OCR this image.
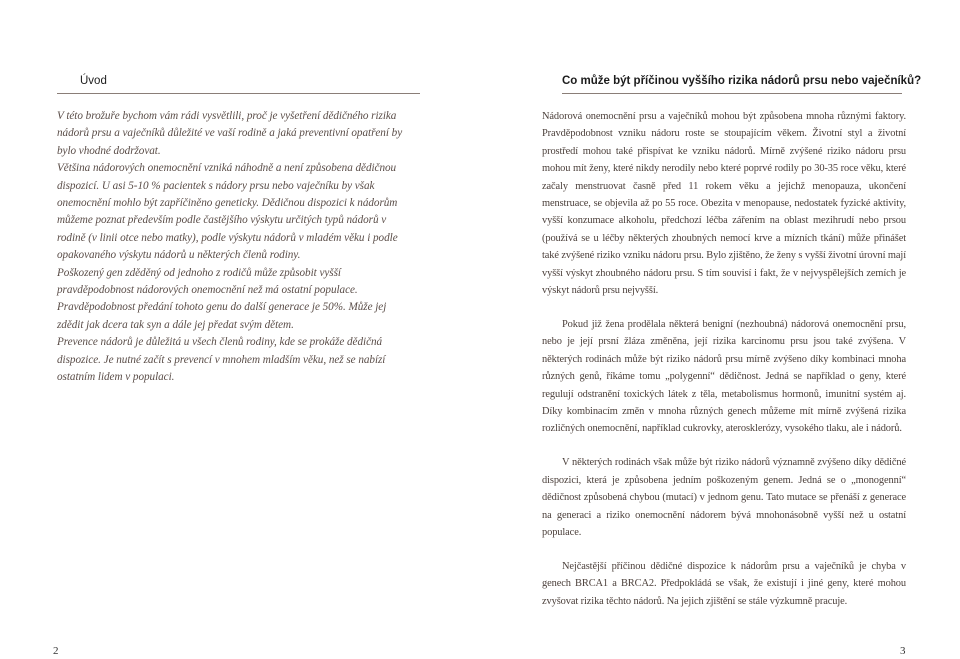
Úvod

V této brožuře bychom vám rádi vysvětlili, proč je vyšetření dědičného rizika nádorů prsu a vaječníků důležité ve vaší rodině a jaká preventivní opatření by bylo vhodné dodržovat.

Většina nádorových onemocnění vzniká náhodně a není způsobena dědičnou dispozicí. U asi 5-10 % pacientek s nádory prsu nebo vaječníku by však onemocnění mohlo být zapříčiněno geneticky. Dědičnou dispozici k nádorům můžeme poznat především podle častějšího výskytu určitých typů nádorů v rodině (v linii otce nebo matky), podle výskytu nádorů v mladém věku i podle opakovaného výskytu nádorů u některých členů rodiny.

Poškozený gen zděděný od jednoho z rodičů může způsobit vyšší pravděpodobnost nádorových onemocnění než má ostatní populace. Pravděpodobnost předání tohoto genu do další generace je 50%. Může jej zdědit jak dcera tak syn a dále jej předat svým dětem.

Prevence nádorů je důležitá u všech členů rodiny, kde se prokáže dědičná dispozice. Je nutné začít s prevencí v mnohem mladším věku, než se nabízí ostatním lidem v populaci.

2
Co může být příčinou vyššího rizika nádorů prsu nebo vaječníků?

Nádorová onemocnění prsu a vaječníků mohou být způsobena mnoha různými faktory. Pravděpodobnost vzniku nádoru roste se stoupajícím věkem. Životní styl a životní prostředí mohou také přispívat ke vzniku nádorů. Mírně zvýšené riziko nádoru prsu mohou mít ženy, které nikdy nerodily nebo které poprvé rodily po 30-35 roce věku, které začaly menstruovat časně před 11 rokem věku a jejichž menopauza, ukončení menstruace, se objevila až po 55 roce. Obezita v menopause, nedostatek fyzické aktivity, vyšší konzumace alkoholu, předchozí léčba zářením na oblast mezihrudí nebo prsou (používá se u léčby některých zhoubných nemocí krve a mízních tkání) může přinášet také zvýšené riziko vzniku nádoru prsu. Bylo zjištěno, že ženy s vyšší životní úrovní mají vyšší výskyt zhoubného nádoru prsu. S tím souvisí i fakt, že v nejvyspělejších zemích je výskyt nádorů prsu nejvyšší.

Pokud již žena prodělala některá benigní (nezhoubná) nádorová onemocnění prsu, nebo je její prsní žláza změněna, její rizika karcinomu prsu jsou také zvýšena. V některých rodinách může být riziko nádorů prsu mírně zvýšeno díky kombinaci mnoha různých genů, říkáme tomu „polygenní“ dědičnost. Jedná se například o geny, které regulují odstranění toxických látek z těla, metabolismus hormonů, imunitní systém aj. Díky kombinacím změn v mnoha různých genech můžeme mít mírně zvýšená rizika rozličných onemocnění, například cukrovky, aterosklerózy, vysokého tlaku, ale i nádorů.

V některých rodinách však může být riziko nádorů významně zvýšeno díky dědičné dispozici, která je způsobena jedním poškozeným genem. Jedná se o „monogenní“ dědičnost způsobená chybou (mutací) v jednom genu. Tato mutace se přenáší z generace na generaci a riziko onemocnění nádorem bývá mnohonásobně vyšší než u ostatní populace.

Nejčastější příčinou dědičné dispozice k nádorům prsu a vaječníků je chyba v genech BRCA1 a BRCA2. Předpokládá se však, že existují i jiné geny, které mohou zvyšovat rizika těchto nádorů. Na jejich zjištění se stále výzkumně pracuje.

3
